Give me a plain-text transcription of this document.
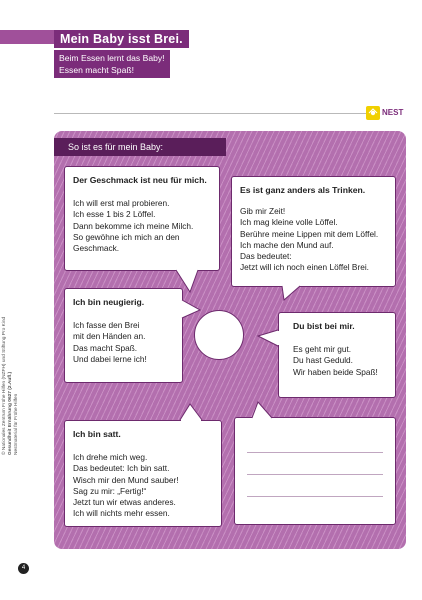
Mein Baby isst Brei.
Beim Essen lernt das Baby!
Essen macht Spaß!
NEST
So ist es für mein Baby:
Der Geschmack ist neu für mich.
Ich will erst mal probieren.
Ich esse 1 bis 2 Löffel.
Dann bekomme ich meine Milch.
So gewöhne ich mich an den
Geschmack.
Es ist ganz anders als Trinken.
Gib mir Zeit!
Ich mag kleine volle Löffel.
Berühre meine Lippen mit dem Löffel.
Ich mache den Mund auf.
Das bedeutet:
Jetzt will ich noch einen Löffel Brei.
Ich bin neugierig.
Ich fasse den Brei
mit den Händen an.
Das macht Spaß.
Und dabei lerne ich!
Du bist bei mir.
Es geht mir gut.
Du hast Geduld.
Wir haben beide Spaß!
Ich bin satt.
Ich drehe mich weg.
Das bedeutet: Ich bin satt.
Wisch mir den Mund sauber!
Sag zu mir: „Fertig!“
Jetzt tun wir etwas anderes.
Ich will nichts mehr essen.
© Nationales Zentrum Frühe Hilfen (NZFH) und Stiftung Pro Kind Gesundheit Ernährung 0627 (2.Aufl.) Nestmaterial für Frühe Hilfen
4
